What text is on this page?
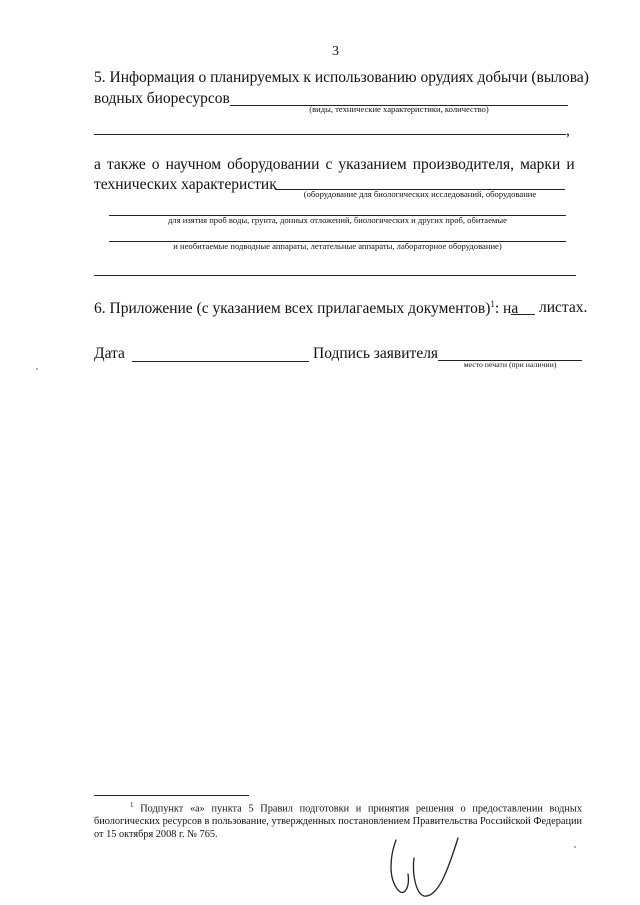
3
5. Информация о планируемых к использованию орудиях добычи (вылова)
водных биоресурсов
(виды, технические характеристики, количество)
,
а также о научном оборудовании с указанием производителя, марки и
технических характеристик
(оборудование для биологических исследований, оборудование
для изятия проб воды, грунта, донных отложений, биологических и других проб, обитаемые
и необитаемые подводные аппараты, летательные аппараты, лабораторное оборудование)
6. Приложение (с указанием всех прилагаемых документов)$^1$: на листах.
Дата	Подпись заявителя
место печати (при наличии)
$^1$ Подпункт «а» пункта 5 Правил подготовки и принятия решения о предоставлении водных биологических ресурсов в пользование, утвержденных постановлением Правительства Российской Федерации от 15 октября 2008 г. № 765.
